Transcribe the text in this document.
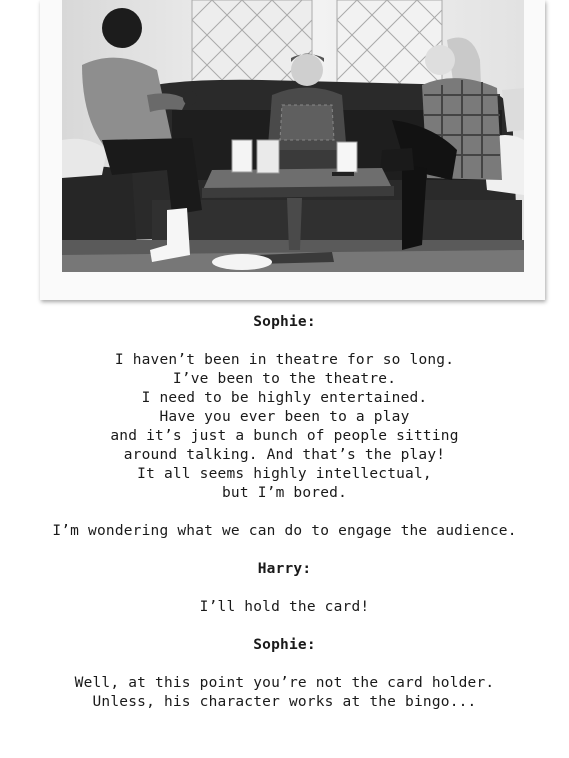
Sophie:
I haven’t been in theatre for so long.
I’ve been to the theatre.
I need to be highly entertained.
Have you ever been to a play
and it’s just a bunch of people sitting
around talking. And that’s the play!
It all seems highly intellectual,
but I’m bored.
I’m wondering what we can do to engage the audience.
Harry:
I’ll hold the card!
Sophie:
Well, at this point you’re not the card holder.
Unless, his character works at the bingo...
